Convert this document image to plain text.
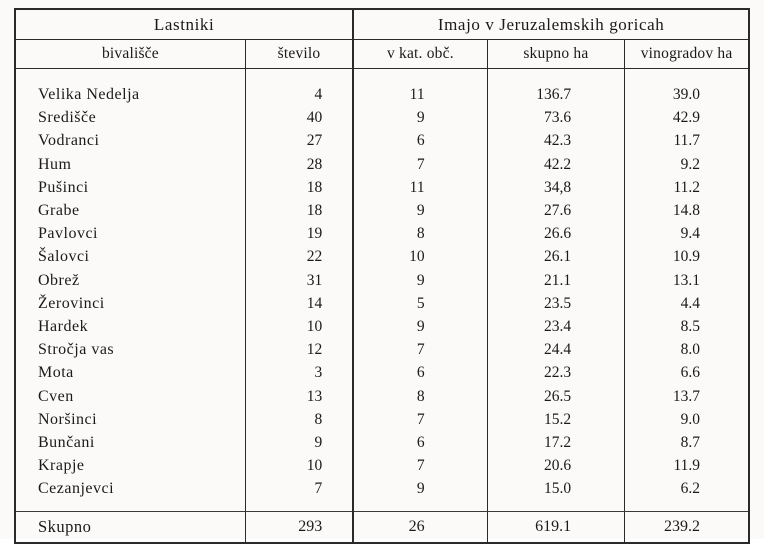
Lastniki		Imajo v Jeruzalemskih goricah		
bivališče	število	v kat. obč.	skupno ha	vinogradov ha

Velika Nedelja	4	11	136.7	39.0
Središče	40	9	73.6	42.9
Vodranci	27	6	42.3	11.7
Hum	28	7	42.2	9.2
Pušinci	18	11	34,8	11.2
Grabe	18	9	27.6	14.8
Pavlovci	19	8	26.6	9.4
Šalovci	22	10	26.1	10.9
Obrež	31	9	21.1	13.1
Žerovinci	14	5	23.5	4.4
Hardek	10	9	23.4	8.5
Stročja vas	12	7	24.4	8.0
Mota	3	6	22.3	6.6
Cven	13	8	26.5	13.7
Noršinci	8	7	15.2	9.0
Bunčani	9	6	17.2	8.7
Krapje	10	7	20.6	11.9
Cezanjevci	7	9	15.0	6.2

Skupno	293	26	619.1	239.2
